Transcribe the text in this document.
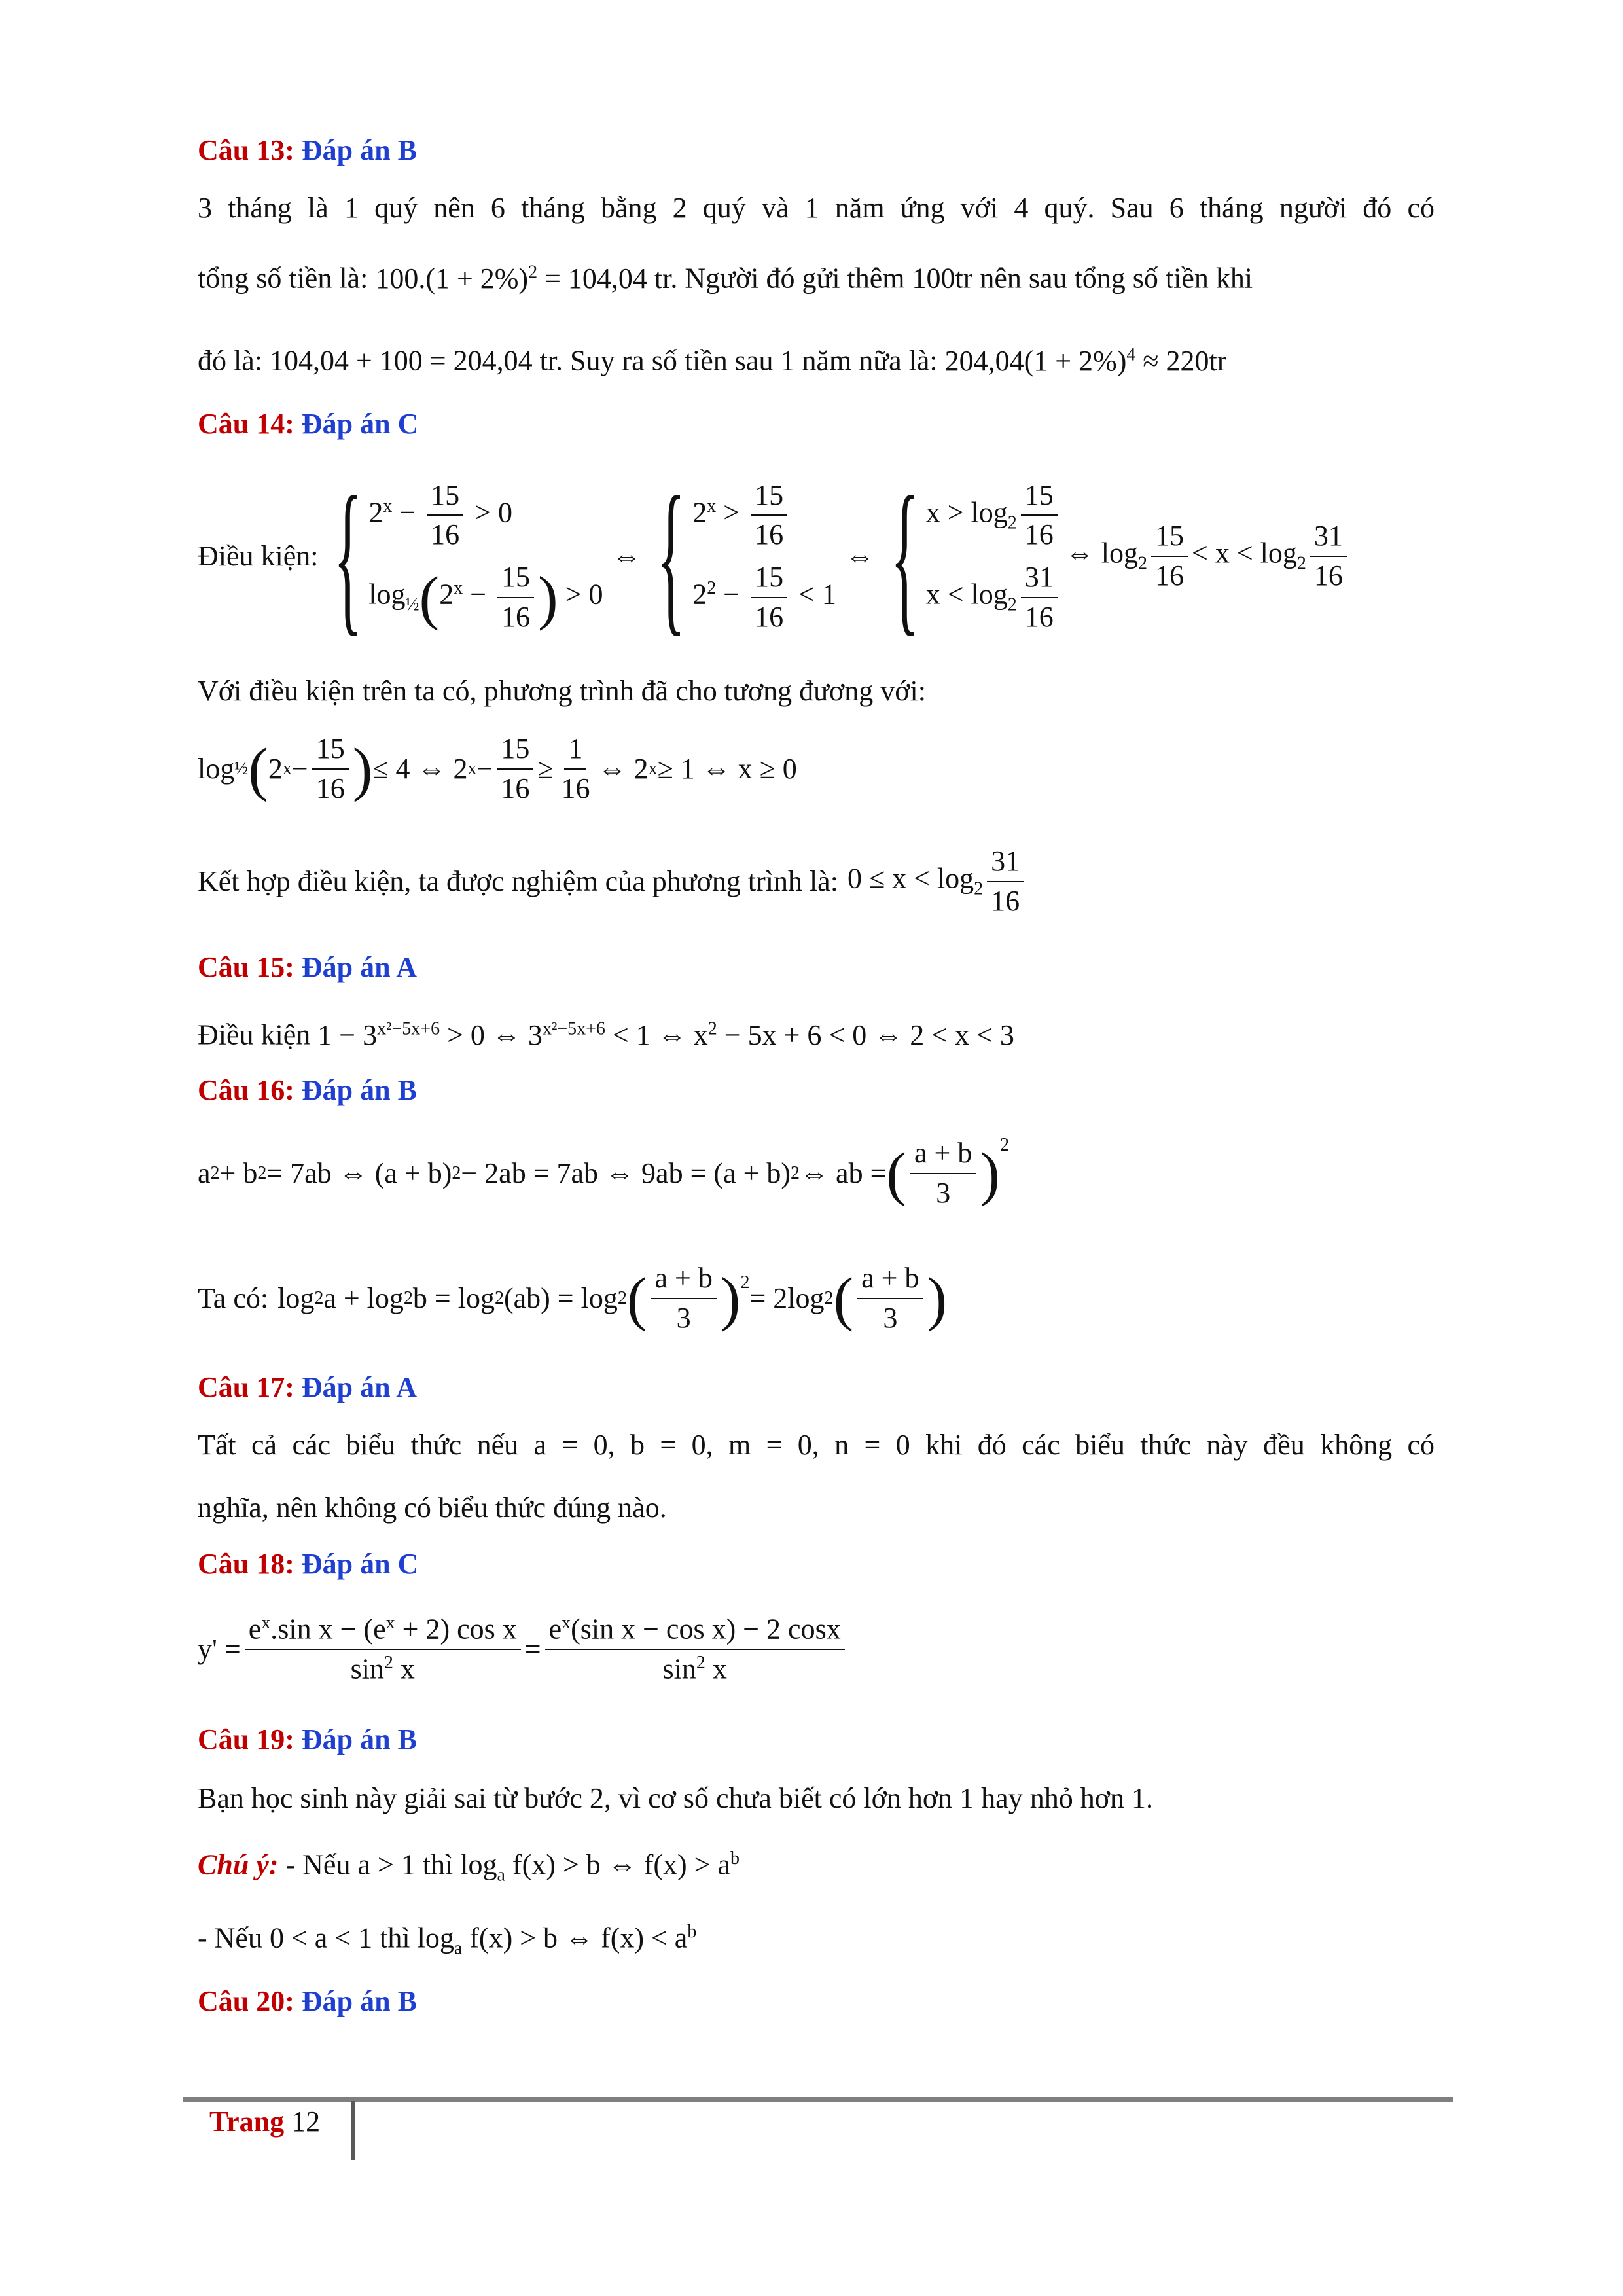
Câu 13: Đáp án B
3 tháng là 1 quý nên 6 tháng bằng 2 quý và 1 năm ứng với 4 quý. Sau 6 tháng người đó có
tổng số tiền là: $100.(1 + 2\%)^2 = 104,04$ tr. Người đó gửi thêm 100tr nên sau tổng số tiền khi
đó là: 104,04 + 100 = 204,04 tr. Suy ra số tiền sau 1 năm nữa là: $204,04(1 + 2\%)^4 \approx 220tr$
Câu 14: Đáp án C
Điều kiện: { $2^x - \frac{15}{16} > 0$
$\log_{\frac{1}{2}}(2^x - \frac{15}{16}$ ) > 0
⇔ { $2^x > \frac{15}{16}$
$2^2 - \frac{15}{16} < 1$
⇔ { $x > \log_2 \frac{15}{16}$
$x < \log_2 \frac{31}{16}$
⇔ $\log_2 \frac{15}{16} < x < \log_2 \frac{31}{16}$
Với điều kiện trên ta có, phương trình đã cho tương đương với:
log ½ ( 2 $x - \frac{15}{16}$ ) ≤ 4 ⇔ 2 $x - \frac{15}{16} \ge \frac{1}{16}$ ⇔ 2 x ≥ 1 ⇔ x ≥ 0
Kết hợp điều kiện, ta được nghiệm của phương trình là: $0 \le x < \log_2 \frac{31}{16}$
Câu 15: Đáp án A
Điều kiện $1 - 3^{x^2-5x+6} > 0$ ⇔ $3^{x^2-5x+6} < 1$ ⇔ $x^2 - 5x + 6 < 0$ ⇔ 2 < x < 3
Câu 16: Đáp án B
a 2 + b 2 = 7ab ⇔ (a + b) 2 − 2ab = 7ab ⇔ 9ab = (a + b) 2 ⇔ ab = ( $\frac{a + b}{3} )^2$
Ta có: log 2 a + log 2 b = log 2 (ab) = log 2 ( $\frac{a + b}{3} )^2 = 2\log_2$ ( $\frac{a + b}{3}$ )
Câu 17: Đáp án A
Tất cả các biểu thức nếu a = 0, b = 0, m = 0, n = 0 khi đó các biểu thức này đều không có
nghĩa, nên không có biểu thức đúng nào.
Câu 18: Đáp án C
$y' = \frac{e^x.\sin x - (e^x + 2) \cos x}{\sin^2 x} = \frac{e^x(\sin x - \cos x) - 2 \cos x}{\sin^2 x}$
Câu 19: Đáp án B
Bạn học sinh này giải sai từ bước 2, vì cơ số chưa biết có lớn hơn 1 hay nhỏ hơn 1.
Chú ý: - Nếu a > 1 thì $\log_a f(x) > b$ ⇔ $f(x) > a^b$
- Nếu 0 < a < 1 thì $\log_a f(x) > b$ ⇔ $f(x) < a^b$
Câu 20: Đáp án B
Trang 12
